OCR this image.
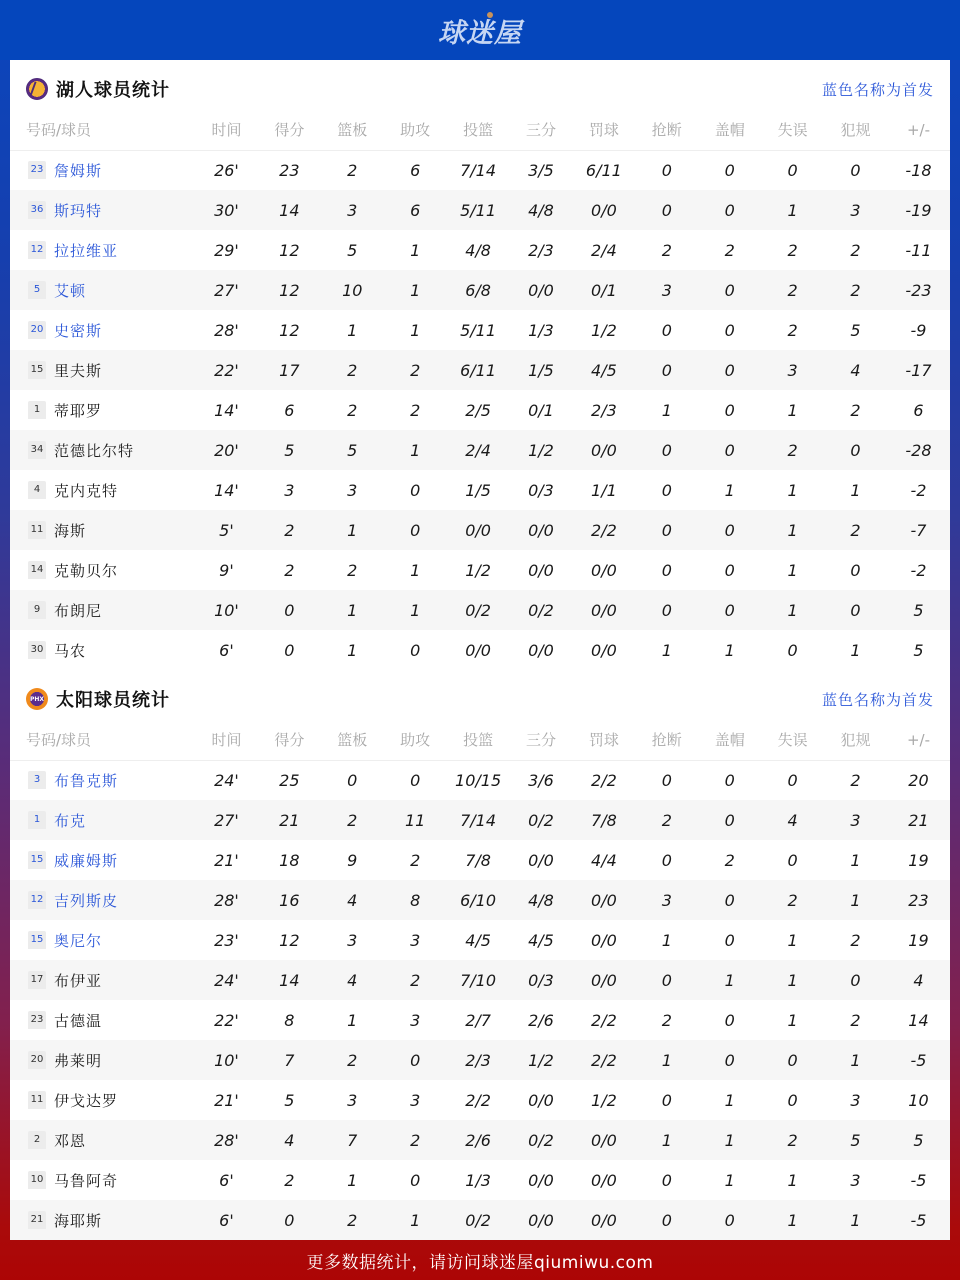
球迷屋
湖人球员统计	蓝色名称为首发
号码/球员	时间	得分	篮板	助攻	投篮	三分	罚球	抢断	盖帽	失误	犯规	+/-
23 詹姆斯	26'	23	2	6	7/14	3/5	6/11	0	0	0	0	-18
36 斯玛特	30'	14	3	6	5/11	4/8	0/0	0	0	1	3	-19
12 拉拉维亚	29'	12	5	1	4/8	2/3	2/4	2	2	2	2	-11
5 艾顿	27'	12	10	1	6/8	0/0	0/1	3	0	2	2	-23
20 史密斯	28'	12	1	1	5/11	1/3	1/2	0	0	2	5	-9
15 里夫斯	22'	17	2	2	6/11	1/5	4/5	0	0	3	4	-17
1 蒂耶罗	14'	6	2	2	2/5	0/1	2/3	1	0	1	2	6
34 范德比尔特	20'	5	5	1	2/4	1/2	0/0	0	0	2	0	-28
4 克内克特	14'	3	3	0	1/5	0/3	1/1	0	1	1	1	-2
11 海斯	5'	2	1	0	0/0	0/0	2/2	0	0	1	2	-7
14 克勒贝尔	9'	2	2	1	1/2	0/0	0/0	0	0	1	0	-2
9 布朗尼	10'	0	1	1	0/2	0/2	0/0	0	0	1	0	5
30 马农	6'	0	1	0	0/0	0/0	0/0	1	1	0	1	5
PHX 太阳球员统计	蓝色名称为首发
号码/球员	时间	得分	篮板	助攻	投篮	三分	罚球	抢断	盖帽	失误	犯规	+/-
3 布鲁克斯	24'	25	0	0	10/15	3/6	2/2	0	0	0	2	20
1 布克	27'	21	2	11	7/14	0/2	7/8	2	0	4	3	21
15 威廉姆斯	21'	18	9	2	7/8	0/0	4/4	0	2	0	1	19
12 吉列斯皮	28'	16	4	8	6/10	4/8	0/0	3	0	2	1	23
15 奥尼尔	23'	12	3	3	4/5	4/5	0/0	1	0	1	2	19
17 布伊亚	24'	14	4	2	7/10	0/3	0/0	0	1	1	0	4
23 古德温	22'	8	1	3	2/7	2/6	2/2	2	0	1	2	14
20 弗莱明	10'	7	2	0	2/3	1/2	2/2	1	0	0	1	-5
11 伊戈达罗	21'	5	3	3	2/2	0/0	1/2	0	1	0	3	10
2 邓恩	28'	4	7	2	2/6	0/2	0/0	1	1	2	5	5
10 马鲁阿奇	6'	2	1	0	1/3	0/0	0/0	0	1	1	3	-5
21 海耶斯	6'	0	2	1	0/2	0/0	0/0	0	0	1	1	-5
更多数据统计，请访问球迷屋qiumiwu.com
